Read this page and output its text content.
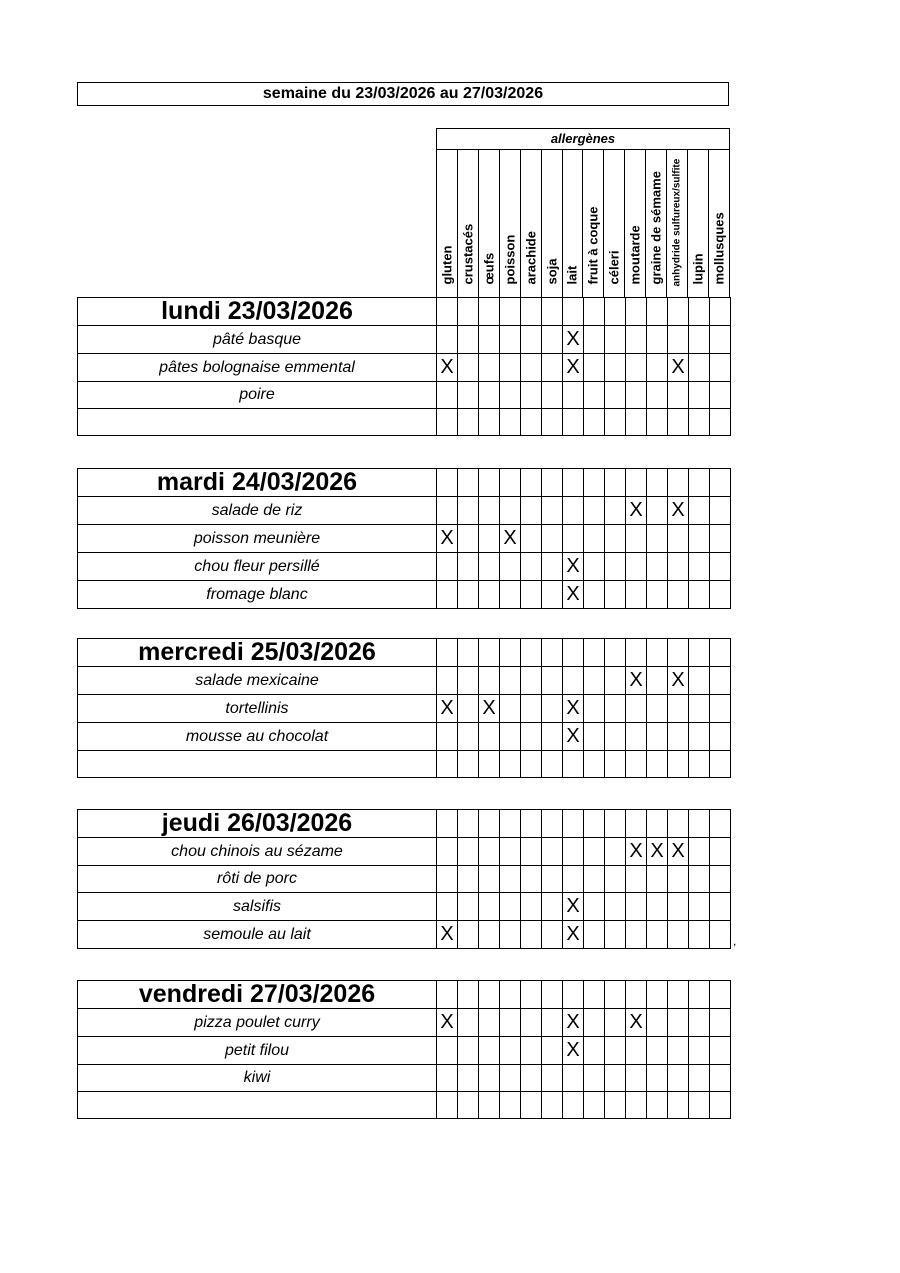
semaine du 23/03/2026 au 27/03/2026
allergènes
gluten crustacés œufs poisson arachide soja lait fruit à coque céleri moutarde graine de sémame anhydride sulfureux/sulfite lupin mollusques
lundi 23/03/2026														
pâté basque							X							
pâtes bolognaise emmental	X						X					X		
poire														

mardi 24/03/2026														
salade de riz										X		X		
poisson meunière	X			X										
chou fleur persillé							X							
fromage blanc							X							
mercredi 25/03/2026														
salade mexicaine										X		X		
tortellinis	X		X				X							
mousse au chocolat							X							

jeudi 26/03/2026														
chou chinois au sézame										X	X	X		
rôti de porc														
salsifis							X							
semoule au lait	X						X							
vendredi 27/03/2026														
pizza poulet curry	X						X			X				
petit filou							X							
kiwi														

,
